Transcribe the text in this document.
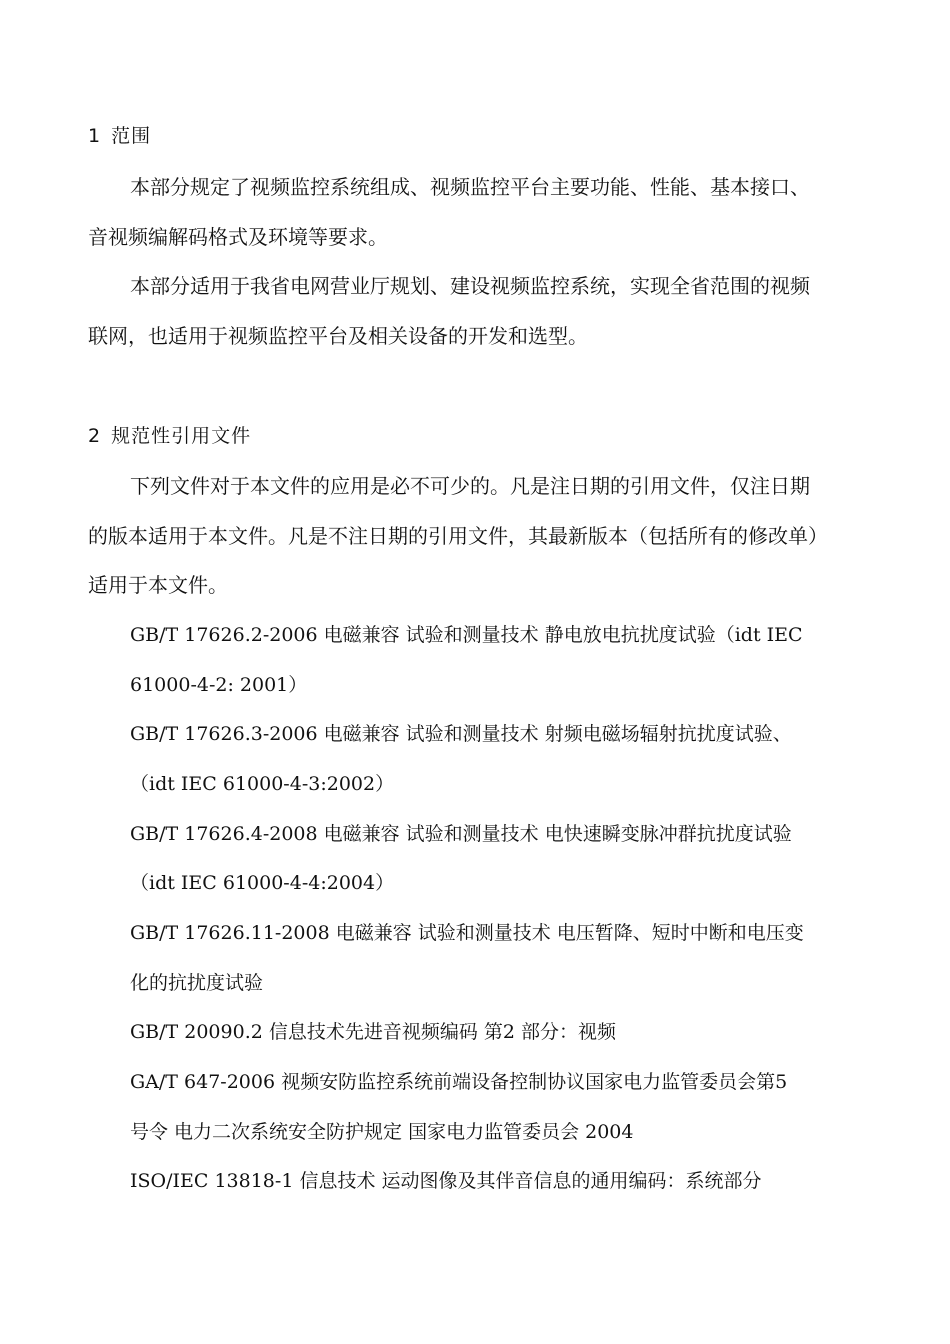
1 范围
本部分规定了视频监控系统组成、视频监控平台主要功能、性能、基本接口、
音视频编解码格式及环境等要求。
本部分适用于我省电网营业厅规划、建设视频监控系统，实现全省范围的视频
联网，也适用于视频监控平台及相关设备的开发和选型。
2 规范性引用文件
下列文件对于本文件的应用是必不可少的。凡是注日期的引用文件，仅注日期
的版本适用于本文件。凡是不注日期的引用文件，其最新版本（包括所有的修改单）
适用于本文件。
GB/T 17626.2-2006 电磁兼容 试验和测量技术 静电放电抗扰度试验（idt IEC
61000-4-2: 2001）
GB/T 17626.3-2006 电磁兼容 试验和测量技术 射频电磁场辐射抗扰度试验、
（idt IEC 61000-4-3:2002）
GB/T 17626.4-2008 电磁兼容 试验和测量技术 电快速瞬变脉冲群抗扰度试验
（idt IEC 61000-4-4:2004）
GB/T 17626.11-2008 电磁兼容 试验和测量技术 电压暂降、短时中断和电压变
化的抗扰度试验
GB/T 20090.2 信息技术先进音视频编码 第2 部分：视频
GA/T 647-2006 视频安防监控系统前端设备控制协议国家电力监管委员会第5
号令 电力二次系统安全防护规定 国家电力监管委员会 2004
ISO/IEC 13818-1 信息技术 运动图像及其伴音信息的通用编码：系统部分
